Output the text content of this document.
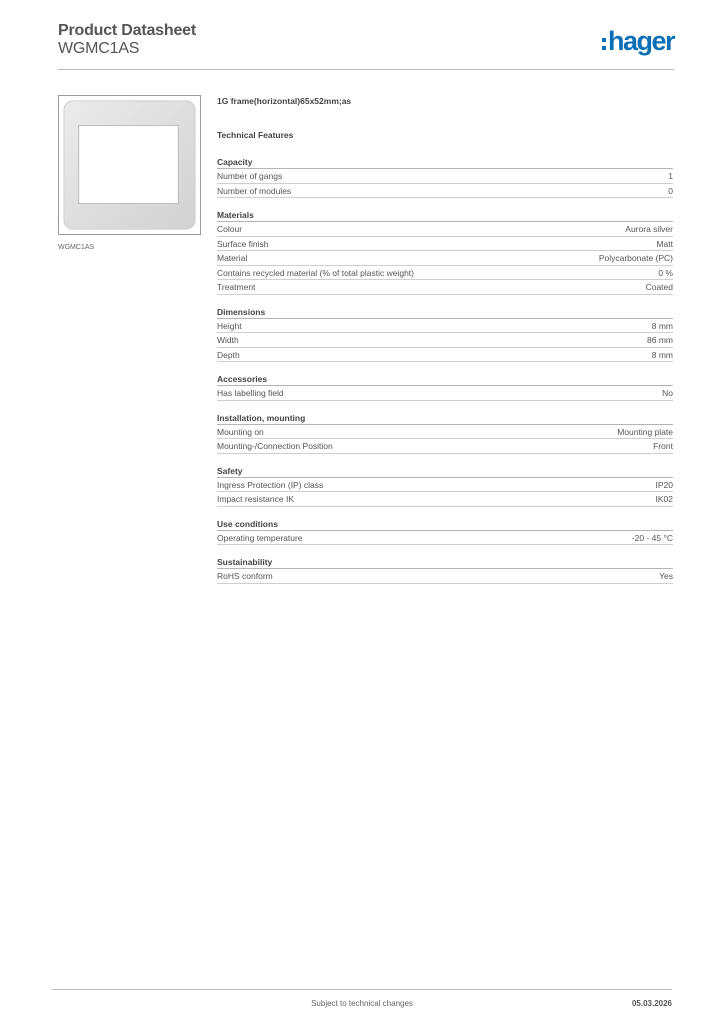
Product Datasheet
WGMC1AS	hager
WGMC1AS
1G frame(horizontal)65x52mm;as
Technical Features
Capacity
Number of gangs	1
Number of modules	0
Materials
Colour	Aurora silver
Surface finish	Matt
Material	Polycarbonate (PC)
Contains recycled material (% of total plastic weight)	0 %
Treatment	Coated
Dimensions
Height	8 mm
Width	86 mm
Depth	8 mm
Accessories
Has labelling field	No
Installation, mounting
Mounting on	Mounting plate
Mounting-/Connection Position	Front
Safety
Ingress Protection (IP) class	IP20
Impact resistance IK	IK02
Use conditions
Operating temperature	-20 - 45 °C
Sustainability
RoHS conform	Yes
Subject to technical changes	05.03.2026
